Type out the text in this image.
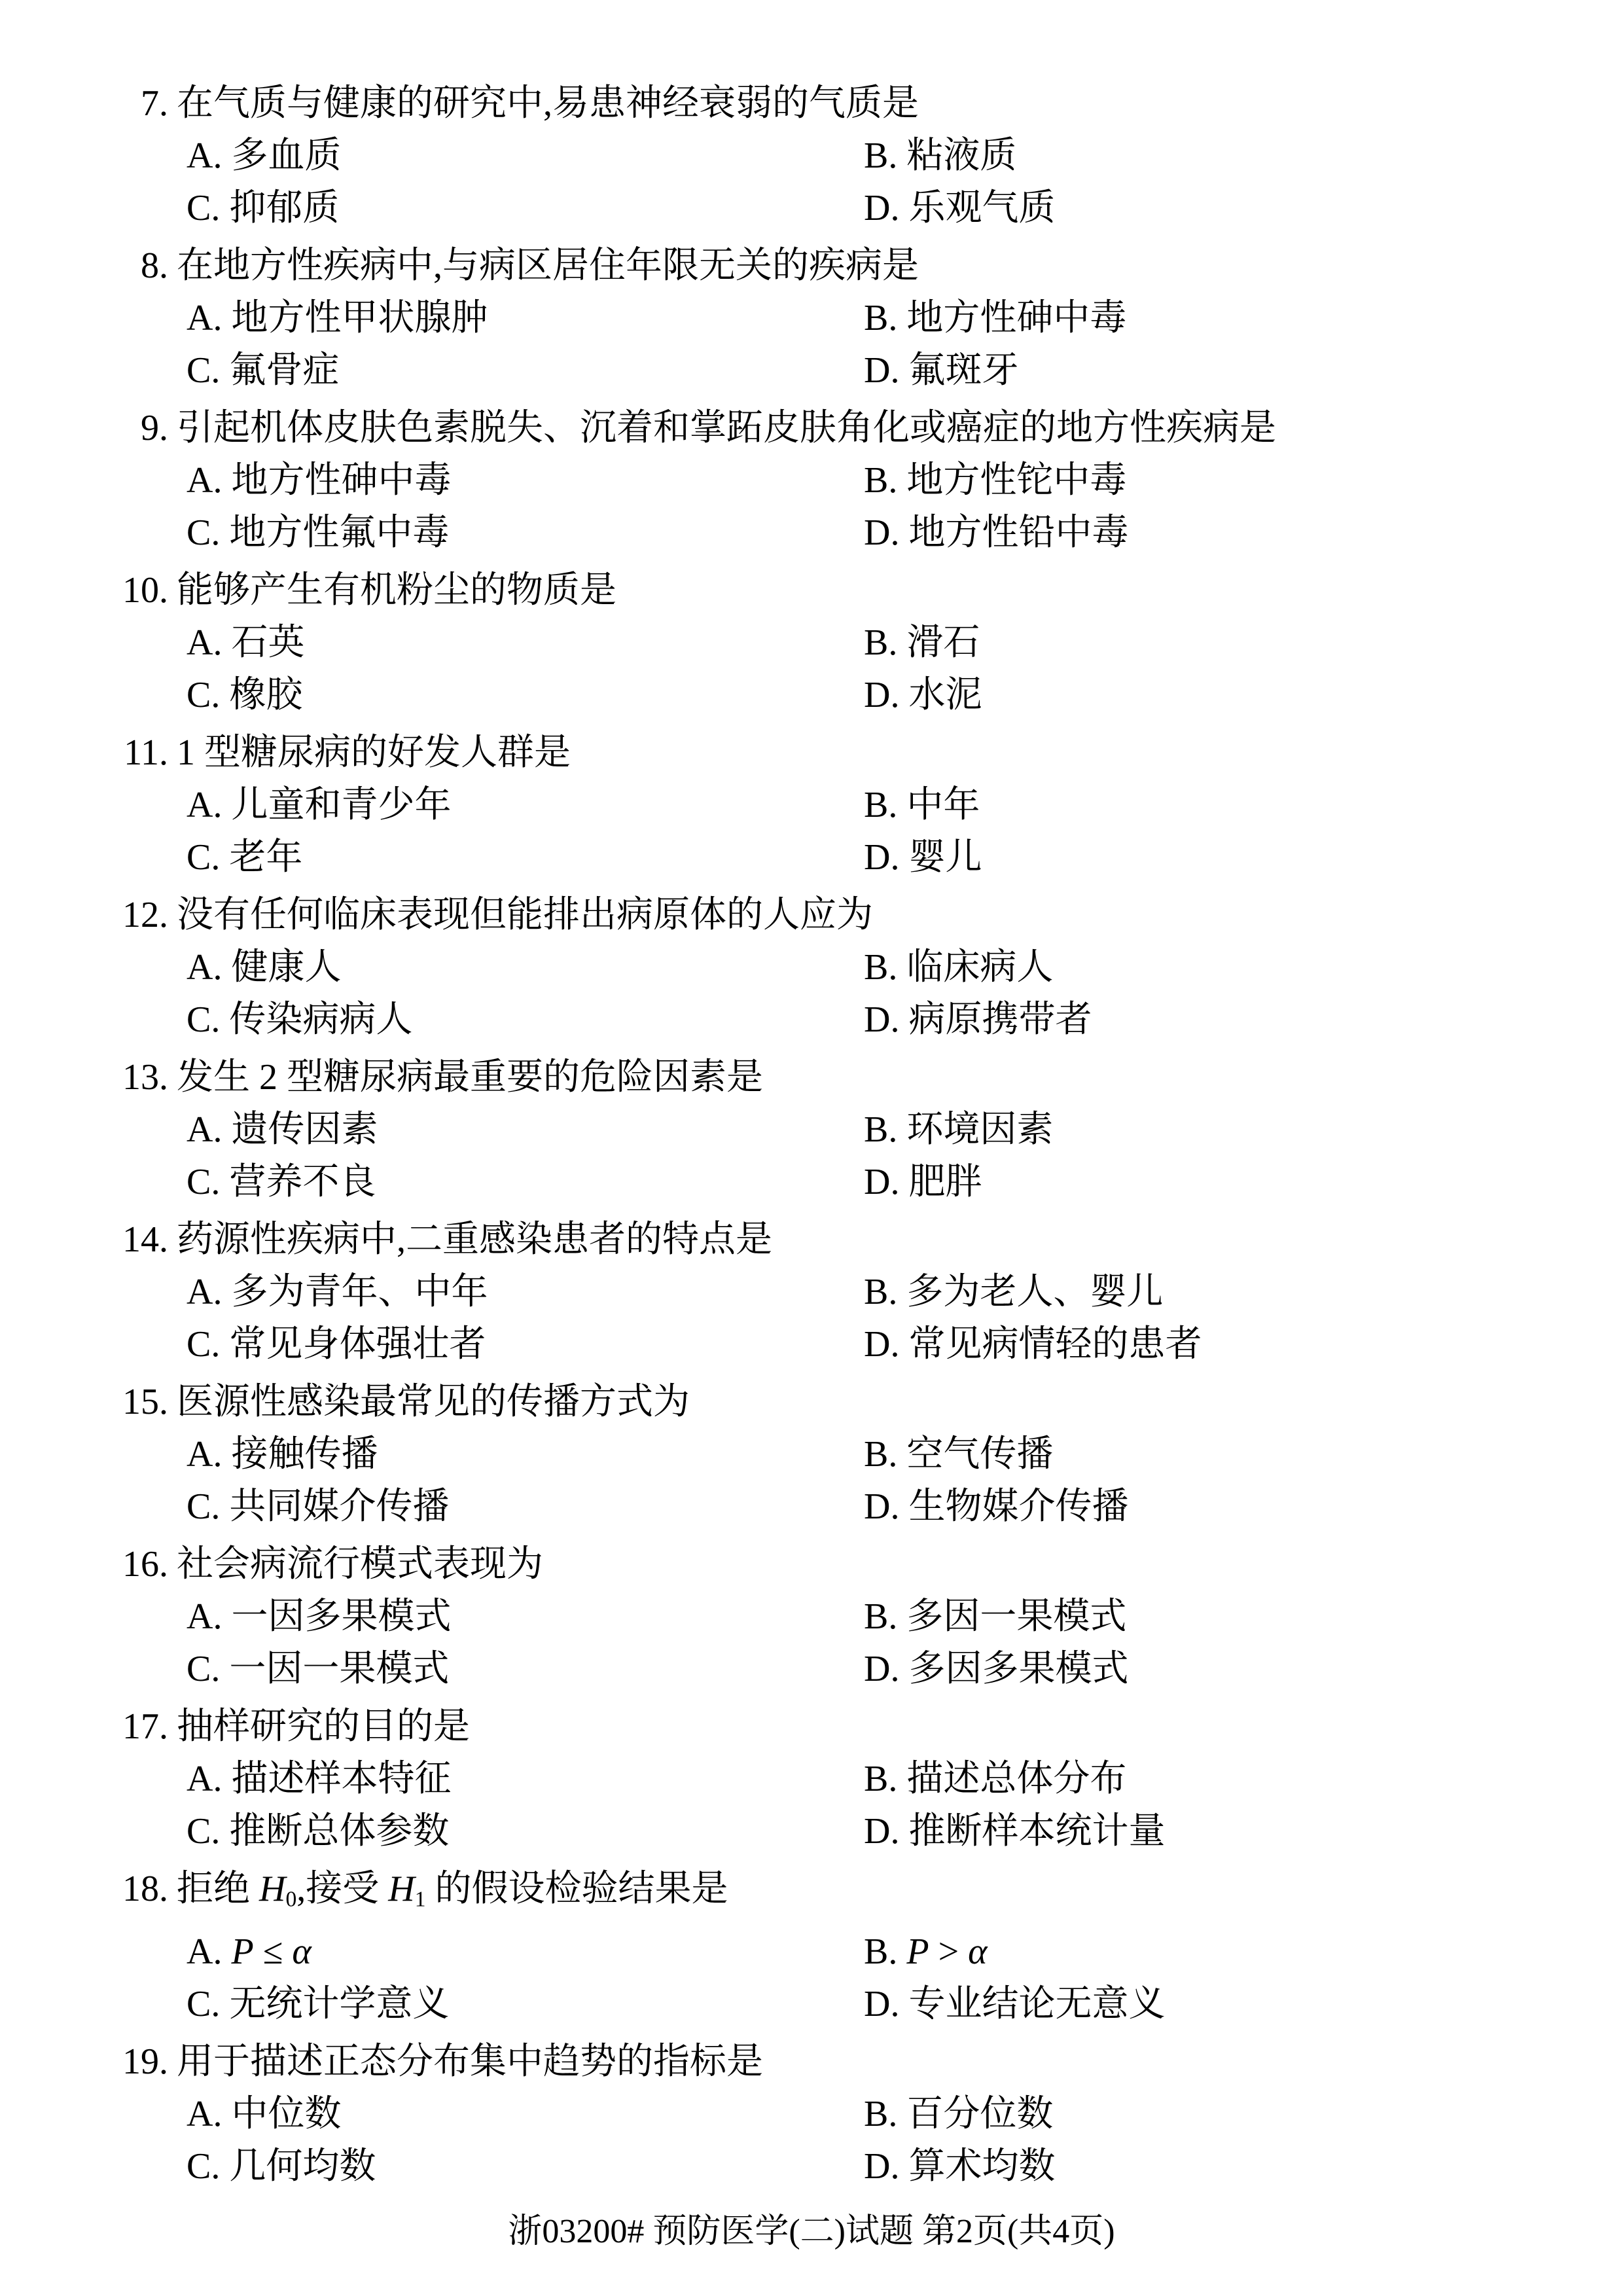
7. 在气质与健康的研究中,易患神经衰弱的气质是
A. 多血质	B. 粘液质
C. 抑郁质	D. 乐观气质
8. 在地方性疾病中,与病区居住年限无关的疾病是
A. 地方性甲状腺肿	B. 地方性砷中毒
C. 氟骨症	D. 氟斑牙
9. 引起机体皮肤色素脱失、沉着和掌跖皮肤角化或癌症的地方性疾病是
A. 地方性砷中毒	B. 地方性铊中毒
C. 地方性氟中毒	D. 地方性铅中毒
10. 能够产生有机粉尘的物质是
A. 石英	B. 滑石
C. 橡胶	D. 水泥
11. 1 型糖尿病的好发人群是
A. 儿童和青少年	B. 中年
C. 老年	D. 婴儿
12. 没有任何临床表现但能排出病原体的人应为
A. 健康人	B. 临床病人
C. 传染病病人	D. 病原携带者
13. 发生 2 型糖尿病最重要的危险因素是
A. 遗传因素	B. 环境因素
C. 营养不良	D. 肥胖
14. 药源性疾病中,二重感染患者的特点是
A. 多为青年、中年	B. 多为老人、婴儿
C. 常见身体强壮者	D. 常见病情轻的患者
15. 医源性感染最常见的传播方式为
A. 接触传播	B. 空气传播
C. 共同媒介传播	D. 生物媒介传播
16. 社会病流行模式表现为
A. 一因多果模式	B. 多因一果模式
C. 一因一果模式	D. 多因多果模式
17. 抽样研究的目的是
A. 描述样本特征	B. 描述总体分布
C. 推断总体参数	D. 推断样本统计量
18. 拒绝 H0,接受 H1 的假设检验结果是
A. P ≤ α	B. P > α
C. 无统计学意义	D. 专业结论无意义
19. 用于描述正态分布集中趋势的指标是
A. 中位数	B. 百分位数
C. 几何均数	D. 算术均数
浙03200# 预防医学(二)试题 第2页(共4页)
